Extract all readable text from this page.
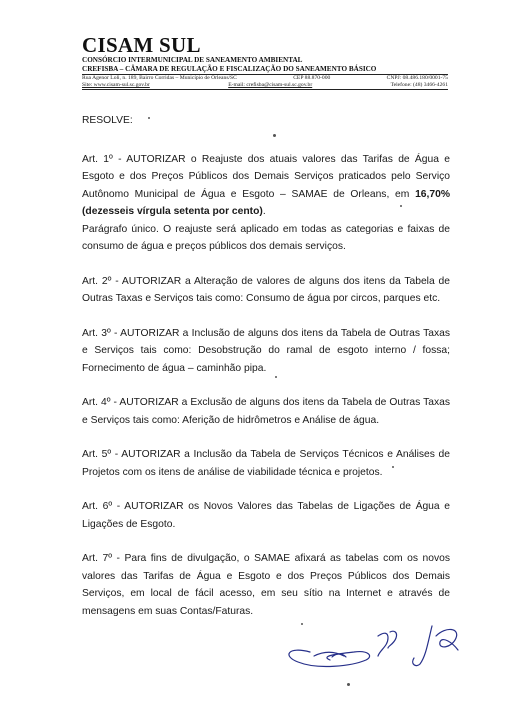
CISAM SUL
CONSÓRCIO INTERMUNICIPAL DE SANEAMENTO AMBIENTAL
CREFISBA – CÂMARA DE REGULAÇÃO E FISCALIZAÇÃO DO SANEAMENTO BÁSICO
Rua Agenor Loli, n. 189, Bairro Corridas – Município de Orleans/SC	CEP 88.870-000	CNPJ: 08.486.180/0001-75
Site: www.cisam-sul.sc.gov.br	E-mail: crefisba@cisam-sul.sc.gov.br	Telefone: (48) 3466-4261

RESOLVE:

Art. 1º - AUTORIZAR o Reajuste dos atuais valores das Tarifas de Água e Esgoto e dos Preços Públicos dos Demais Serviços praticados pelo Serviço Autônomo Municipal de Água e Esgoto – SAMAE de Orleans, em 16,70% (dezesseis vírgula setenta por cento).

Parágrafo único. O reajuste será aplicado em todas as categorias e faixas de consumo de água e preços públicos dos demais serviços.

Art. 2º - AUTORIZAR a Alteração de valores de alguns dos itens da Tabela de Outras Taxas e Serviços tais como: Consumo de água por circos, parques etc.

Art. 3º - AUTORIZAR a Inclusão de alguns dos itens da Tabela de Outras Taxas e Serviços tais como: Desobstrução do ramal de esgoto interno / fossa; Fornecimento de água – caminhão pipa.

Art. 4º - AUTORIZAR a Exclusão de alguns dos itens da Tabela de Outras Taxas e Serviços tais como: Aferição de hidrômetros e Análise de água.

Art. 5º - AUTORIZAR a Inclusão da Tabela de Serviços Técnicos e Análises de Projetos com os itens de análise de viabilidade técnica e projetos.

Art. 6º - AUTORIZAR os Novos Valores das Tabelas de Ligações de Água e Ligações de Esgoto.

Art. 7º - Para fins de divulgação, o SAMAE afixará as tabelas com os novos valores das Tarifas de Água e Esgoto e dos Preços Públicos dos Demais Serviços, em local de fácil acesso, em seu sítio na Internet e através de mensagens em suas Contas/Faturas.
